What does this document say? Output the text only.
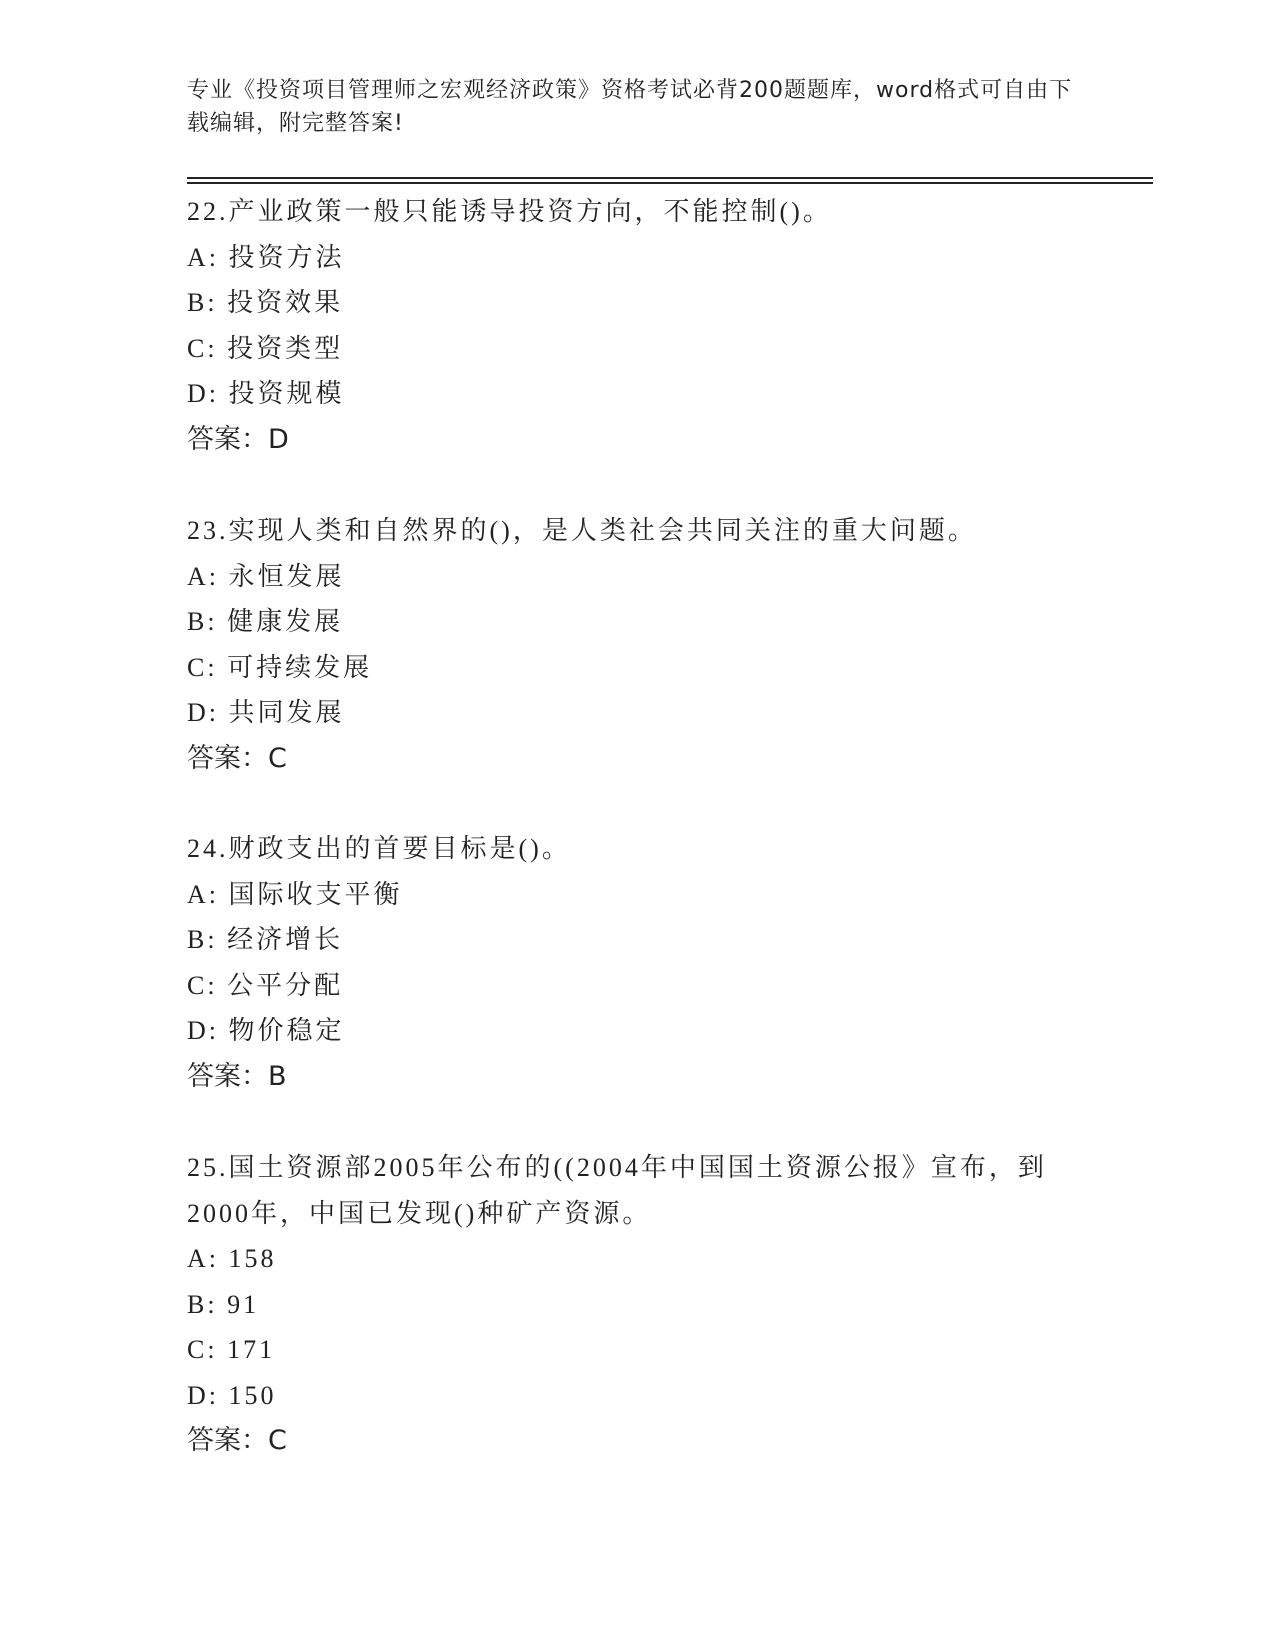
专业《投资项目管理师之宏观经济政策》资格考试必背200题题库，word格式可自由下载编辑，附完整答案!

22.产业政策一般只能诱导投资方向，不能控制()。

A: 投资方法

B: 投资效果

C: 投资类型

D: 投资规模

答案：D

23.实现人类和自然界的()，是人类社会共同关注的重大问题。

A: 永恒发展

B: 健康发展

C: 可持续发展

D: 共同发展

答案：C

24.财政支出的首要目标是()。

A: 国际收支平衡

B: 经济增长

C: 公平分配

D: 物价稳定

答案：B

25.国土资源部2005年公布的((2004年中国国土资源公报》宣布，到2000年，中国已发现()种矿产资源。

A: 158

B: 91

C: 171

D: 150

答案：C
